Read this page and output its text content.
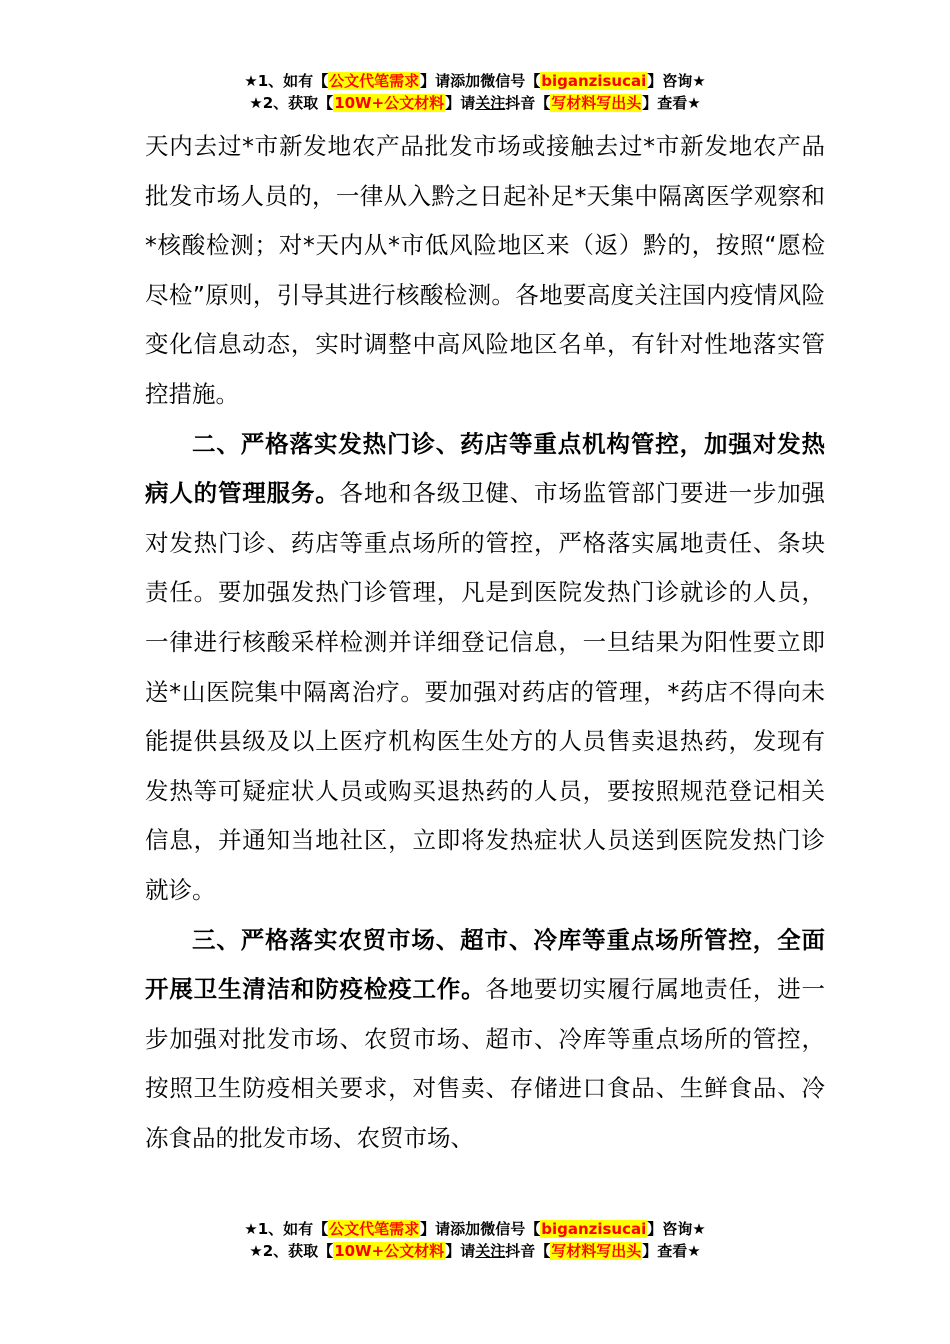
★1、如有【公文代笔需求】请添加微信号【biganzisucai】咨询★
★2、获取【10W+公文材料】请关注抖音【写材料写出头】查看★

天内去过*市新发地农产品批发市场或接触去过*市新发地农产品批发市场人员的，一律从入黔之日起补足*天集中隔离医学观察和*核酸检测；对*天内从*市低风险地区来（返）黔的，按照“愿检尽检”原则，引导其进行核酸检测。各地要高度关注国内疫情风险变化信息动态，实时调整中高风险地区名单，有针对性地落实管控措施。

二、严格落实发热门诊、药店等重点机构管控，加强对发热病人的管理服务。各地和各级卫健、市场监管部门要进一步加强对发热门诊、药店等重点场所的管控，严格落实属地责任、条块责任。要加强发热门诊管理，凡是到医院发热门诊就诊的人员，一律进行核酸采样检测并详细登记信息，一旦结果为阳性要立即送*山医院集中隔离治疗。要加强对药店的管理，*药店不得向未能提供县级及以上医疗机构医生处方的人员售卖退热药，发现有发热等可疑症状人员或购买退热药的人员，要按照规范登记相关信息，并通知当地社区，立即将发热症状人员送到医院发热门诊就诊。

三、严格落实农贸市场、超市、冷库等重点场所管控，全面开展卫生清洁和防疫检疫工作。各地要切实履行属地责任，进一步加强对批发市场、农贸市场、超市、冷库等重点场所的管控，按照卫生防疫相关要求，对售卖、存储进口食品、生鲜食品、冷冻食品的批发市场、农贸市场、

★1、如有【公文代笔需求】请添加微信号【biganzisucai】咨询★
★2、获取【10W+公文材料】请关注抖音【写材料写出头】查看★
